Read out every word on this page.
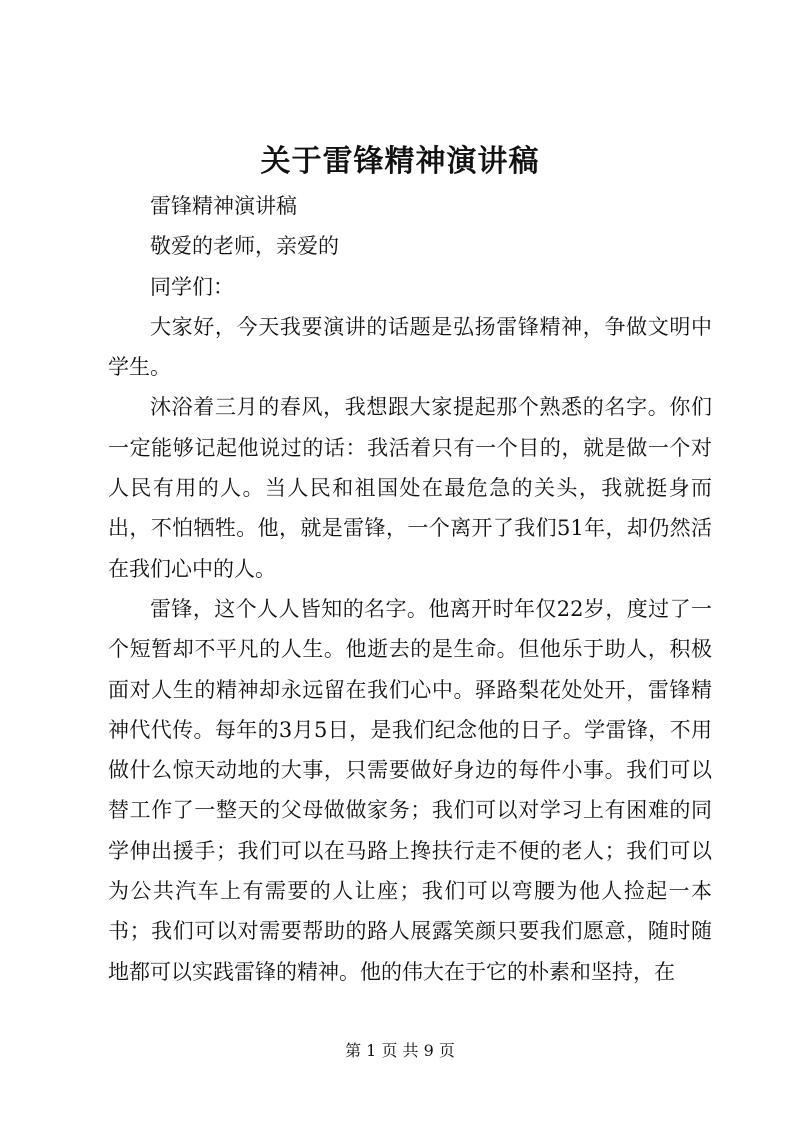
关于雷锋精神演讲稿

雷锋精神演讲稿

敬爱的老师，亲爱的

同学们：

大家好，今天我要演讲的话题是弘扬雷锋精神，争做文明中学生。

沐浴着三月的春风，我想跟大家提起那个熟悉的名字。你们一定能够记起他说过的话：我活着只有一个目的，就是做一个对人民有用的人。当人民和祖国处在最危急的关头，我就挺身而出，不怕牺牲。他，就是雷锋，一个离开了我们51年，却仍然活在我们心中的人。

雷锋，这个人人皆知的名字。他离开时年仅22岁，度过了一个短暂却不平凡的人生。他逝去的是生命。但他乐于助人，积极面对人生的精神却永远留在我们心中。驿路梨花处处开，雷锋精神代代传。每年的3月5日，是我们纪念他的日子。学雷锋，不用做什么惊天动地的大事，只需要做好身边的每件小事。我们可以替工作了一整天的父母做做家务；我们可以对学习上有困难的同学伸出援手；我们可以在马路上搀扶行走不便的老人；我们可以为公共汽车上有需要的人让座；我们可以弯腰为他人捡起一本书；我们可以对需要帮助的路人展露笑颜只要我们愿意，随时随地都可以实践雷锋的精神。他的伟大在于它的朴素和坚持，在

第 1 页 共 9 页
